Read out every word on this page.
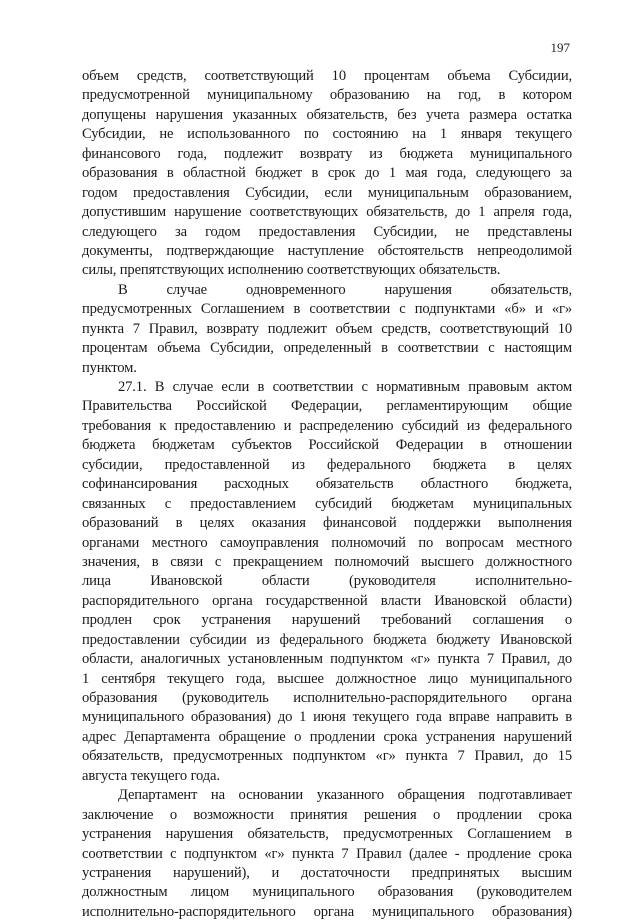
197
объем средств, соответствующий 10 процентам объема Субсидии,
предусмотренной муниципальному образованию на год, в котором
допущены нарушения указанных обязательств, без учета размера остатка
Субсидии, не использованного по состоянию на 1 января текущего
финансового года, подлежит возврату из бюджета муниципального
образования в областной бюджет в срок до 1 мая года, следующего за
годом предоставления Субсидии, если муниципальным образованием,
допустившим нарушение соответствующих обязательств, до 1 апреля года,
следующего за годом предоставления Субсидии, не представлены
документы, подтверждающие наступление обстоятельств непреодолимой
силы, препятствующих исполнению соответствующих обязательств.
В случае одновременного нарушения обязательств,
предусмотренных Соглашением в соответствии с подпунктами «б» и «г»
пункта 7 Правил, возврату подлежит объем средств, соответствующий 10
процентам объема Субсидии, определенный в соответствии с настоящим
пунктом.
27.1. В случае если в соответствии с нормативным правовым актом
Правительства Российской Федерации, регламентирующим общие
требования к предоставлению и распределению субсидий из федерального
бюджета бюджетам субъектов Российской Федерации в отношении
субсидии, предоставленной из федерального бюджета в целях
софинансирования расходных обязательств областного бюджета,
связанных с предоставлением субсидий бюджетам муниципальных
образований в целях оказания финансовой поддержки выполнения
органами местного самоуправления полномочий по вопросам местного
значения, в связи с прекращением полномочий высшего должностного
лица Ивановской области (руководителя исполнительно-
распорядительного органа государственной власти Ивановской области)
продлен срок устранения нарушений требований соглашения о
предоставлении субсидии из федерального бюджета бюджету Ивановской
области, аналогичных установленным подпунктом «г» пункта 7 Правил, до
1 сентября текущего года, высшее должностное лицо муниципального
образования (руководитель исполнительно-распорядительного органа
муниципального образования) до 1 июня текущего года вправе направить в
адрес Департамента обращение о продлении срока устранения нарушений
обязательств, предусмотренных подпунктом «г» пункта 7 Правил, до 15
августа текущего года.
Департамент на основании указанного обращения подготавливает
заключение о возможности принятия решения о продлении срока
устранения нарушения обязательств, предусмотренных Соглашением в
соответствии с подпунктом «г» пункта 7 Правил (далее - продление срока
устранения нарушений), и достаточности предпринятых высшим
должностным лицом муниципального образования (руководителем
исполнительно-распорядительного органа муниципального образования)
